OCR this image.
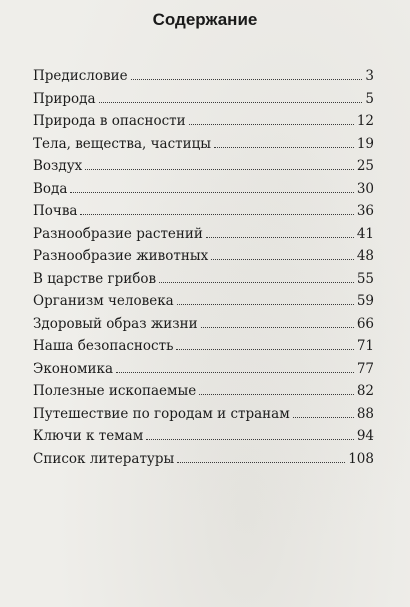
Содержание
Предисловие	3
Природа	5
Природа в опасности	12
Тела, вещества, частицы	19
Воздух	25
Вода	30
Почва	36
Разнообразие растений	41
Разнообразие животных	48
В царстве грибов	55
Организм человека	59
Здоровый образ жизни	66
Наша безопасность	71
Экономика	77
Полезные ископаемые	82
Путешествие по городам и странам	88
Ключи к темам	94
Список литературы	108
